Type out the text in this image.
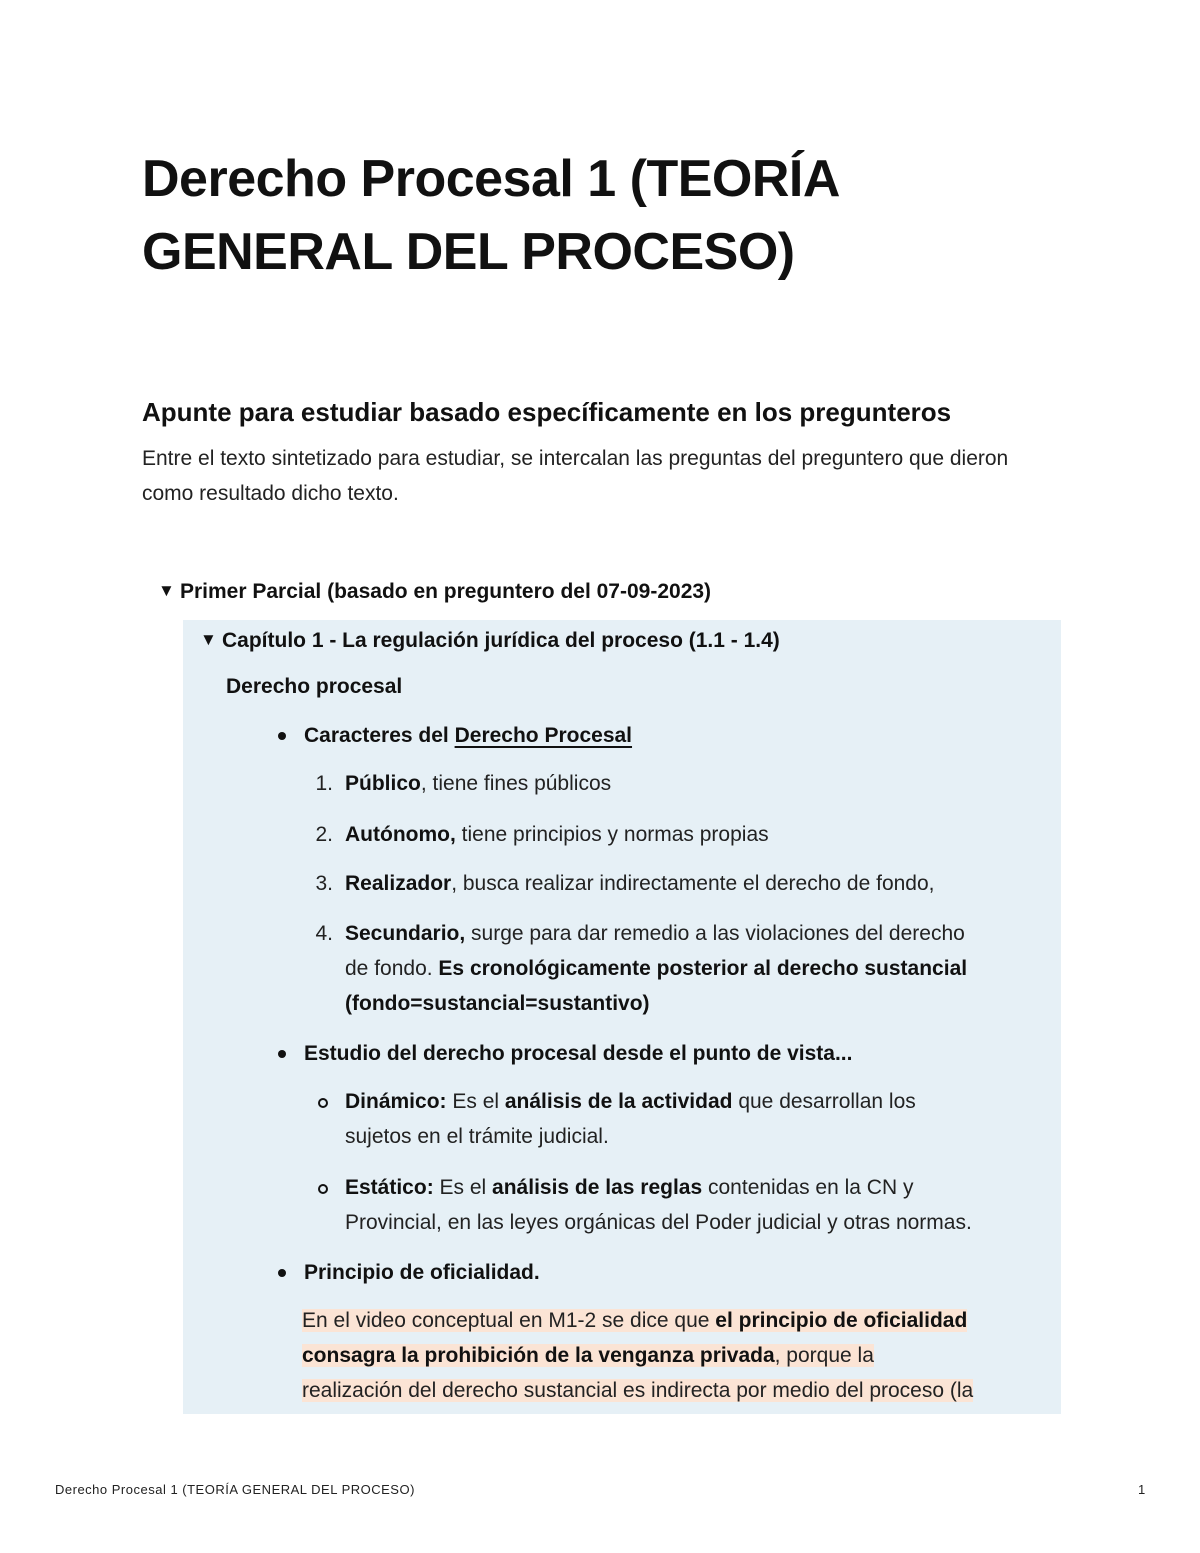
Derecho Procesal 1 (TEORÍA GENERAL DEL PROCESO)
Apunte para estudiar basado específicamente en los pregunteros

Entre el texto sintetizado para estudiar, se intercalan las preguntas del preguntero que dieron como resultado dicho texto.

▼ Primer Parcial (basado en preguntero del 07-09-2023)
▼ Capítulo 1 - La regulación jurídica del proceso (1.1 - 1.4)
Derecho procesal
Caracteres del Derecho Procesal
1. Público, tiene fines públicos
2. Autónomo, tiene principios y normas propias
3. Realizador, busca realizar indirectamente el derecho de fondo,
4. Secundario, surge para dar remedio a las violaciones del derecho
de fondo. Es cronológicamente posterior al derecho sustancial
(fondo=sustancial=sustantivo)
Estudio del derecho procesal desde el punto de vista...
Dinámico: Es el análisis de la actividad que desarrollan los
sujetos en el trámite judicial.
Estático: Es el análisis de las reglas contenidas en la CN y
Provincial, en las leyes orgánicas del Poder judicial y otras normas.
Principio de oficialidad.
En el video conceptual en M1-2 se dice que el principio de oficialidad
consagra la prohibición de la venganza privada, porque la
realización del derecho sustancial es indirecta por medio del proceso (la
Derecho Procesal 1 (TEORÍA GENERAL DEL PROCESO)	1
